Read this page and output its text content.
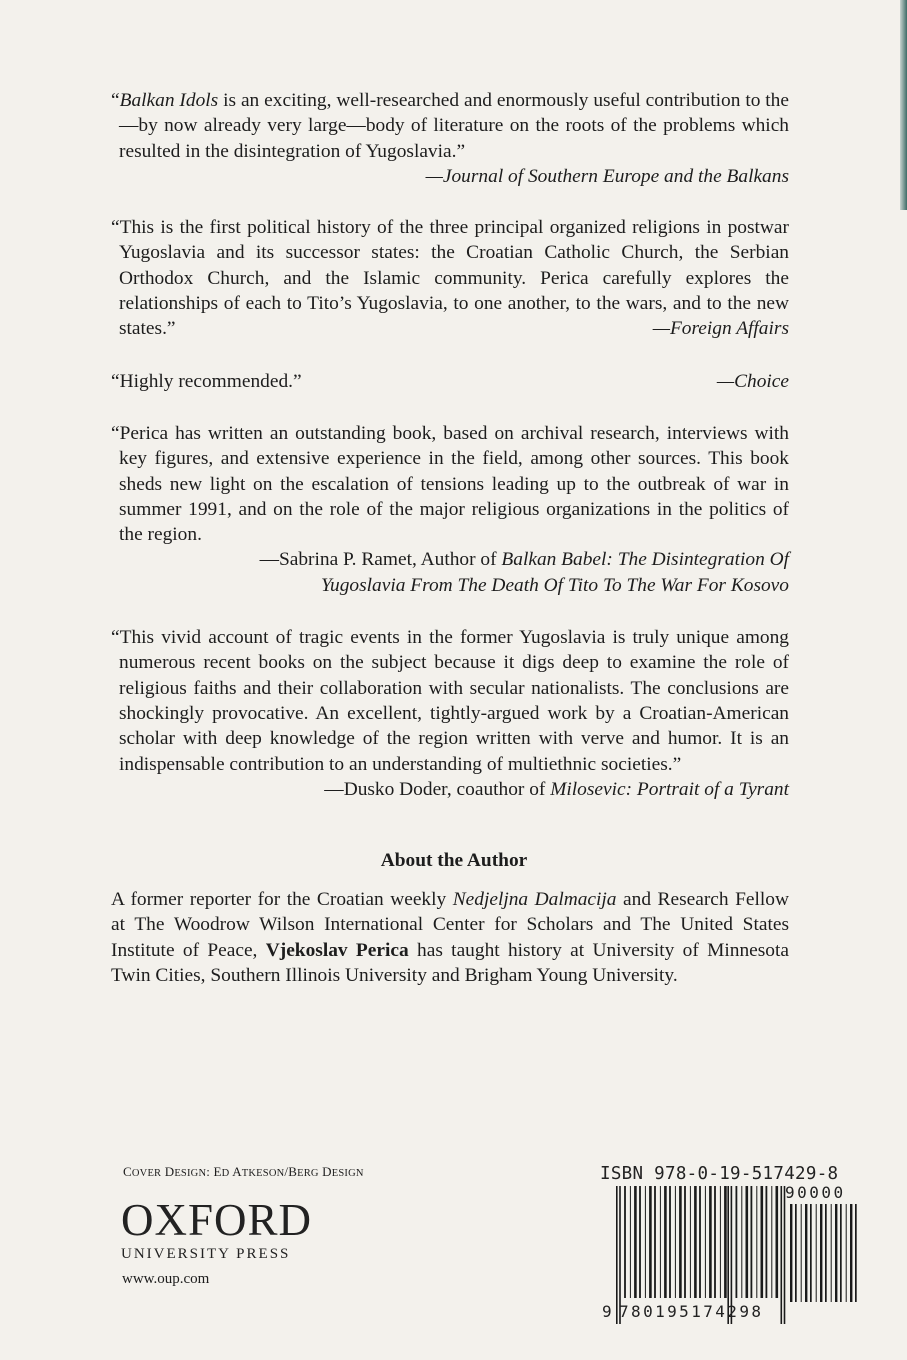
“Balkan Idols is an exciting, well-researched and enormously useful contribution to the—by now already very large—body of literature on the roots of the problems which resulted in the disintegration of Yugoslavia.”

—Journal of Southern Europe and the Balkans

“This is the first political history of the three principal organized religions in postwar Yugoslavia and its successor states: the Croatian Catholic Church, the Serbian Orthodox Church, and the Islamic community. Perica carefully explores the relationships of each to Tito’s Yugoslavia, to one another, to the wars, and to the new states.”	—Foreign Affairs

“Highly recommended.”	—Choice

“Perica has written an outstanding book, based on archival research, interviews with key figures, and extensive experience in the field, among other sources. This book sheds new light on the escalation of tensions leading up to the outbreak of war in summer 1991, and on the role of the major religious organizations in the politics of the region.

—Sabrina P. Ramet, Author of Balkan Babel: The Disintegration Of

Yugoslavia From The Death Of Tito To The War For Kosovo

“This vivid account of tragic events in the former Yugoslavia is truly unique among numerous recent books on the subject because it digs deep to examine the role of religious faiths and their collaboration with secular nationalists. The conclusions are shockingly provocative. An excellent, tightly-argued work by a Croatian-American scholar with deep knowledge of the region written with verve and humor. It is an indispensable contribution to an understanding of multiethnic societies.”

—Dusko Doder, coauthor of Milosevic: Portrait of a Tyrant

About the Author

A former reporter for the Croatian weekly Nedjeljna Dalmacija and Research Fellow at The Woodrow Wilson International Center for Scholars and The United States Institute of Peace, Vjekoslav Perica has taught history at University of Minnesota Twin Cities, Southern Illinois University and Brigham Young University.

COVER DESIGN: ED ATKESON/BERG DESIGN
OXFORD
UNIVERSITY PRESS
www.oup.com
ISBN 978-0-19-517429-8
90000
9 780195174298
